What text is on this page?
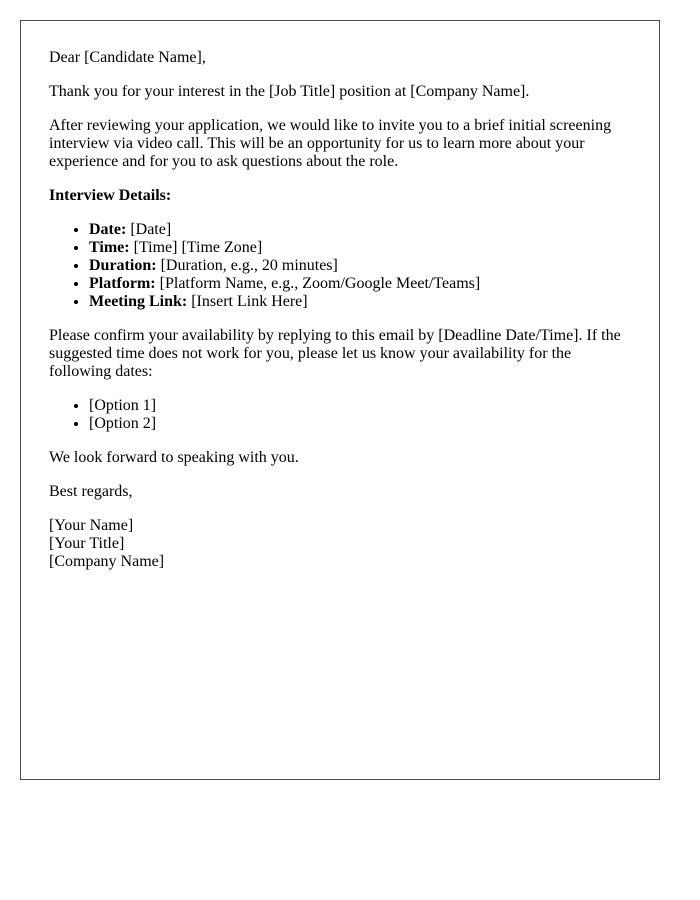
Dear [Candidate Name],

Thank you for your interest in the [Job Title] position at [Company Name].

After reviewing your application, we would like to invite you to a brief initial screening interview via video call. This will be an opportunity for us to learn more about your experience and for you to ask questions about the role.

Interview Details:

• Date: [Date]
• Time: [Time] [Time Zone]
• Duration: [Duration, e.g., 20 minutes]
• Platform: [Platform Name, e.g., Zoom/Google Meet/Teams]
• Meeting Link: [Insert Link Here]

Please confirm your availability by replying to this email by [Deadline Date/Time]. If the suggested time does not work for you, please let us know your availability for the following dates:

• [Option 1]
• [Option 2]

We look forward to speaking with you.

Best regards,

[Your Name]
[Your Title]
[Company Name]
